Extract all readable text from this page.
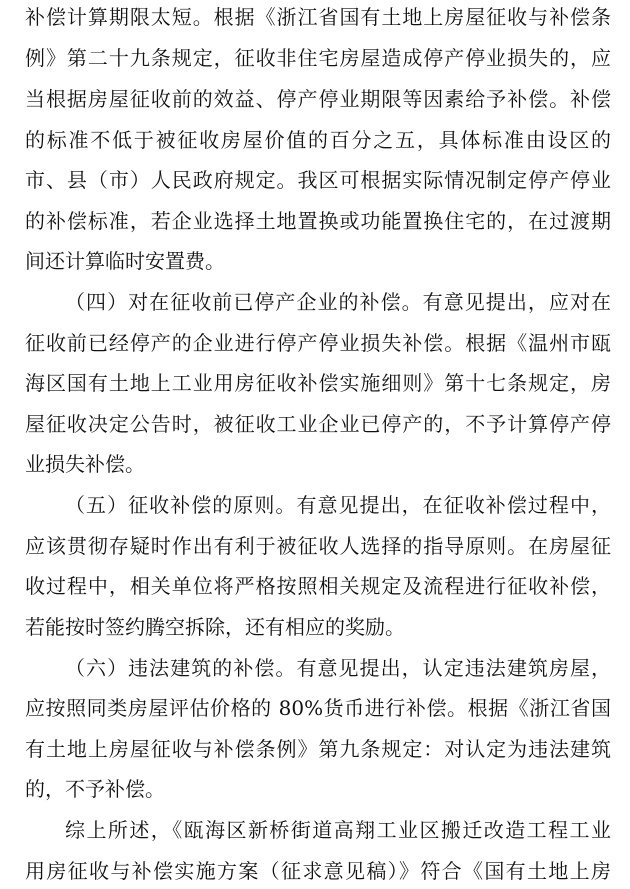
补偿计算期限太短。根据《浙江省国有土地上房屋征收与补偿条
例》第二十九条规定，征收非住宅房屋造成停产停业损失的，应
当根据房屋征收前的效益、停产停业期限等因素给予补偿。补偿
的标准不低于被征收房屋价值的百分之五，具体标准由设区的
市、县（市）人民政府规定。我区可根据实际情况制定停产停业
的补偿标准，若企业选择土地置换或功能置换住宅的，在过渡期
间还计算临时安置费。
（四）对在征收前已停产企业的补偿。有意见提出，应对在
征收前已经停产的企业进行停产停业损失补偿。根据《温州市瓯
海区国有土地上工业用房征收补偿实施细则》第十七条规定，房
屋征收决定公告时，被征收工业企业已停产的，不予计算停产停
业损失补偿。
（五）征收补偿的原则。有意见提出，在征收补偿过程中，
应该贯彻存疑时作出有利于被征收人选择的指导原则。在房屋征
收过程中，相关单位将严格按照相关规定及流程进行征收补偿，
若能按时签约腾空拆除，还有相应的奖励。
（六）违法建筑的补偿。有意见提出，认定违法建筑房屋，
应按照同类房屋评估价格的 80%货币进行补偿。根据《浙江省国
有土地上房屋征收与补偿条例》第九条规定：对认定为违法建筑
的，不予补偿。
综上所述，《瓯海区新桥街道高翔工业区搬迁改造工程工业
用房征收与补偿实施方案（征求意见稿）》符合《国有土地上房
